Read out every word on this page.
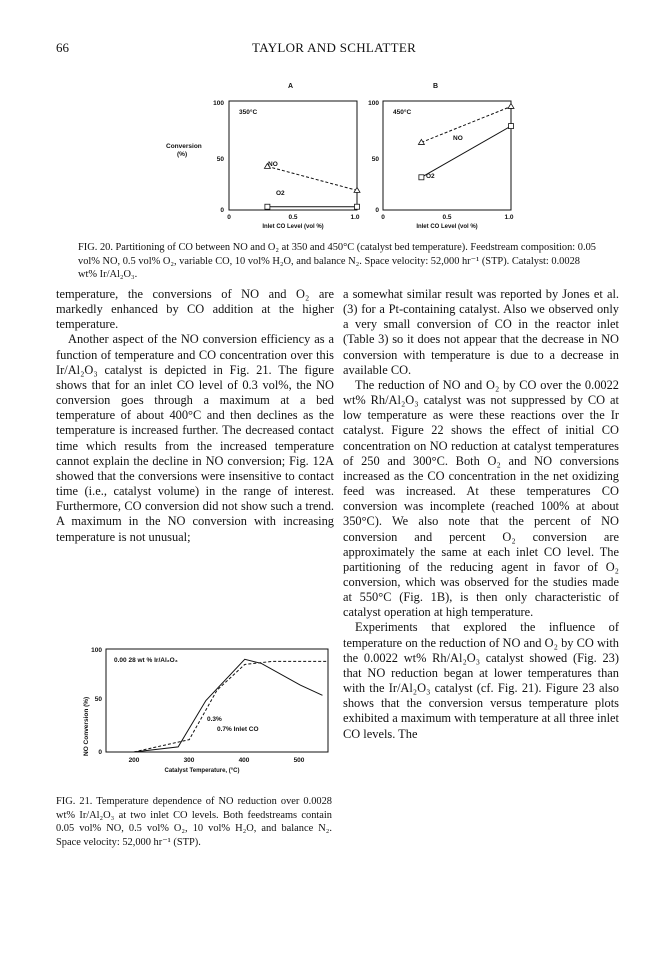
66	TAYLOR AND SCHLATTER
A	B
Conversion
(%)
100
50
0
350°C
100
50
0
450°C
NO
O2
NO
O2
0	0.5	1.0
Inlet CO Level (vol %)
0	0.5	1.0
Inlet CO Level (vol %)
FIG. 20. Partitioning of CO between NO and O₂ at 350 and 450°C (catalyst bed temperature). Feedstream composition: 0.05 vol% NO, 0.5 vol% O₂, variable CO, 10 vol% H₂O, and balance N₂. Space velocity: 52,000 hr⁻¹ (STP). Catalyst: 0.0028 wt% Ir/Al₂O₃.

temperature, the conversions of NO and O₂ are markedly enhanced by CO addition at the higher temperature.

Another aspect of the NO conversion efficiency as a function of temperature and CO concentration over this Ir/Al₂O₃ catalyst is depicted in Fig. 21. The figure shows that for an inlet CO level of 0.3 vol%, the NO conversion goes through a maximum at a bed temperature of about 400°C and then declines as the temperature is increased further. The decreased contact time which results from the increased temperature cannot explain the decline in NO conversion; Fig. 12A showed that the conversions were insensitive to contact time (i.e., catalyst volume) in the range of interest. Furthermore, CO conversion did not show such a trend. A maximum in the NO conversion with increasing temperature is not unusual;

NO Conversion (%)
100
50
0
0.00 28 wt % Ir/Al₂O₃
0.3%
0.7% Inlet CO
200	300	400	500
Catalyst Temperature, (°C)
FIG. 21. Temperature dependence of NO reduction over 0.0028 wt% Ir/Al₂O₃ at two inlet CO levels. Both feedstreams contain 0.05 vol% NO, 0.5 vol% O₂, 10 vol% H₂O, and balance N₂. Space velocity: 52,000 hr⁻¹ (STP).

a somewhat similar result was reported by Jones et al. (3) for a Pt-containing catalyst. Also we observed only a very small conversion of CO in the reactor inlet (Table 3) so it does not appear that the decrease in NO conversion with temperature is due to a decrease in available CO.

The reduction of NO and O₂ by CO over the 0.0022 wt% Rh/Al₂O₃ catalyst was not suppressed by CO at low temperature as were these reactions over the Ir catalyst. Figure 22 shows the effect of initial CO concentration on NO reduction at catalyst temperatures of 250 and 300°C. Both O₂ and NO conversions increased as the CO concentration in the net oxidizing feed was increased. At these temperatures CO conversion was incomplete (reached 100% at about 350°C). We also note that the percent of NO conversion and percent O₂ conversion are approximately the same at each inlet CO level. The partitioning of the reducing agent in favor of O₂ conversion, which was observed for the studies made at 550°C (Fig. 1B), is then only characteristic of catalyst operation at high temperature.

Experiments that explored the influence of temperature on the reduction of NO and O₂ by CO with the 0.0022 wt% Rh/Al₂O₃ catalyst showed (Fig. 23) that NO reduction began at lower temperatures than with the Ir/Al₂O₃ catalyst (cf. Fig. 21). Figure 23 also shows that the conversion versus temperature plots exhibited a maximum with temperature at all three inlet CO levels. The
